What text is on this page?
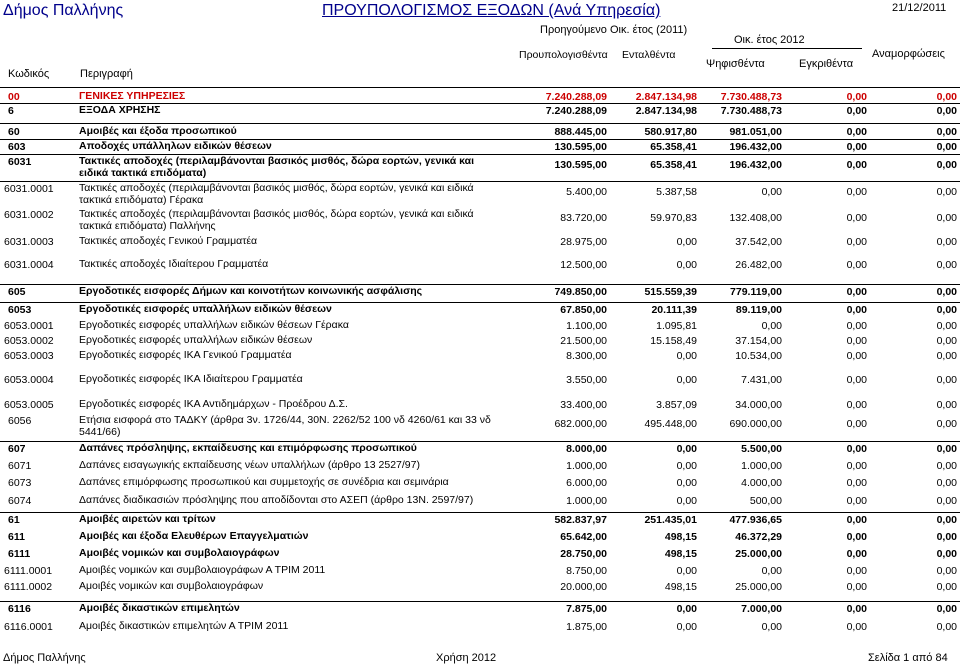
Δήμος Παλλήνης	ΠΡΟΥΠΟΛΟΓΙΣΜΟΣ ΕΞΟΔΩΝ (Ανά Υπηρεσία)	21/12/2011
Προηγούμενο Οικ. έτος (2011)
Οικ. έτος 2012
Προυπολογισθέντα Ενταλθέντα
Ψηφισθέντα	Εγκριθέντα
Αναμορφώσεις
Κωδικός	Περιγραφή
00	ΓΕΝΙΚΕΣ ΥΠΗΡΕΣΙΕΣ	7.240.288,09	2.847.134,98 7.730.488,73	0,00	0,00
6	ΕΞΟΔΑ ΧΡΗΣΗΣ	7.240.288,09	2.847.134,98 7.730.488,73	0,00	0,00
60	Αμοιβές και έξοδα προσωπικού	888.445,00	580.917,80	981.051,00	0,00	0,00
603	Αποδοχές υπάλληλων ειδικών θέσεων	130.595,00	65.358,41	196.432,00	0,00	0,00
6031	Τακτικές αποδοχές (περιλαμβάνονται βασικός μισθός, δώρα εορτών, γενικά και ειδικά τακτικά επιδόματα)
130.595,00	65.358,41	196.432,00	0,00	0,00
6031.0001 Τακτικές αποδοχές (περιλαμβάνονται βασικός μισθός, δώρα εορτών, γενικά και ειδικά τακτικά επιδόματα) Γέρακα
5.400,00	5.387,58	0,00	0,00	0,00
6031.0002 Τακτικές αποδοχές (περιλαμβάνονται βασικός μισθός, δώρα εορτών, γενικά και ειδικά τακτικά επιδόματα) Παλλήνης
83.720,00	59.970,83	132.408,00	0,00	0,00
6031.0003 Τακτικές αποδοχές Γενικού Γραμματέα	28.975,00	0,00	37.542,00	0,00	0,00
6031.0004 Τακτικές αποδοχές Ιδιαίτερου Γραμματέα	12.500,00	0,00	26.482,00	0,00	0,00
605	Εργοδοτικές εισφορές Δήμων και κοινοτήτων κοινωνικής ασφάλισης	749.850,00	515.559,39	779.119,00	0,00	0,00
6053	Εργοδοτικές εισφορές υπαλλήλων ειδικών θέσεων	67.850,00	20.111,39	89.119,00	0,00	0,00
6053.0001 Εργοδοτικές εισφορές υπαλλήλων ειδικών θέσεων Γέρακα	1.100,00	1.095,81	0,00	0,00	0,00
6053.0002 Εργοδοτικές εισφορές υπαλλήλων ειδικών θέσεων	21.500,00	15.158,49	37.154,00	0,00	0,00
6053.0003 Εργοδοτικές εισφορές ΙΚΑ Γενικού Γραμματέα	8.300,00	0,00	10.534,00	0,00	0,00
6053.0004 Εργοδοτικές εισφορές ΙΚΑ Ιδιαίτερου Γραμματέα	3.550,00	0,00	7.431,00	0,00	0,00
6053.0005 Εργοδοτικές εισφορές ΙΚΑ Αντιδημάρχων - Προέδρου Δ.Σ.	33.400,00	3.857,09	34.000,00	0,00	0,00
6056	Ετήσια εισφορά στο ΤΑΔΚΥ (άρθρα 3ν. 1726/44, 30Ν. 2262/52 100 νδ 4260/61 και 33 νδ 5441/66)
682.000,00	495.448,00	690.000,00	0,00	0,00
607	Δαπάνες πρόσληψης, εκπαίδευσης και επιμόρφωσης προσωπικού	8.000,00	0,00	5.500,00	0,00	0,00
6071	Δαπάνες εισαγωγικής εκπαίδευσης νέων υπαλλήλων (άρθρο 13 2527/97)	1.000,00	0,00	1.000,00	0,00	0,00
6073	Δαπάνες επιμόρφωσης προσωπικού και συμμετοχής σε συνέδρια και σεμινάρια	6.000,00	0,00	4.000,00	0,00	0,00
6074	Δαπάνες διαδικασιών πρόσληψης που αποδίδονται στο ΑΣΕΠ (άρθρο 13Ν. 2597/97)	1.000,00	0,00	500,00	0,00	0,00
61	Αμοιβές αιρετών και τρίτων	582.837,97	251.435,01	477.936,65	0,00	0,00
611	Αμοιβές και έξοδα Ελευθέρων Επαγγελματιών	65.642,00	498,15	46.372,29	0,00	0,00
6111	Αμοιβές νομικών και συμβολαιογράφων	28.750,00	498,15	25.000,00	0,00	0,00
6111.0001	Αμοιβές νομικών και συμβολαιογράφων Α ΤΡΙΜ 2011	8.750,00	0,00	0,00	0,00	0,00
6111.0002	Αμοιβές νομικών και συμβολαιογράφων	20.000,00	498,15	25.000,00	0,00	0,00
6116	Αμοιβές δικαστικών επιμελητών	7.875,00	0,00	7.000,00	0,00	0,00
6116.0001 Αμοιβές δικαστικών επιμελητών Α ΤΡΙΜ 2011	1.875,00	0,00	0,00	0,00	0,00
Δήμος Παλλήνης	Χρήση 2012	Σελίδα 1 από 84
